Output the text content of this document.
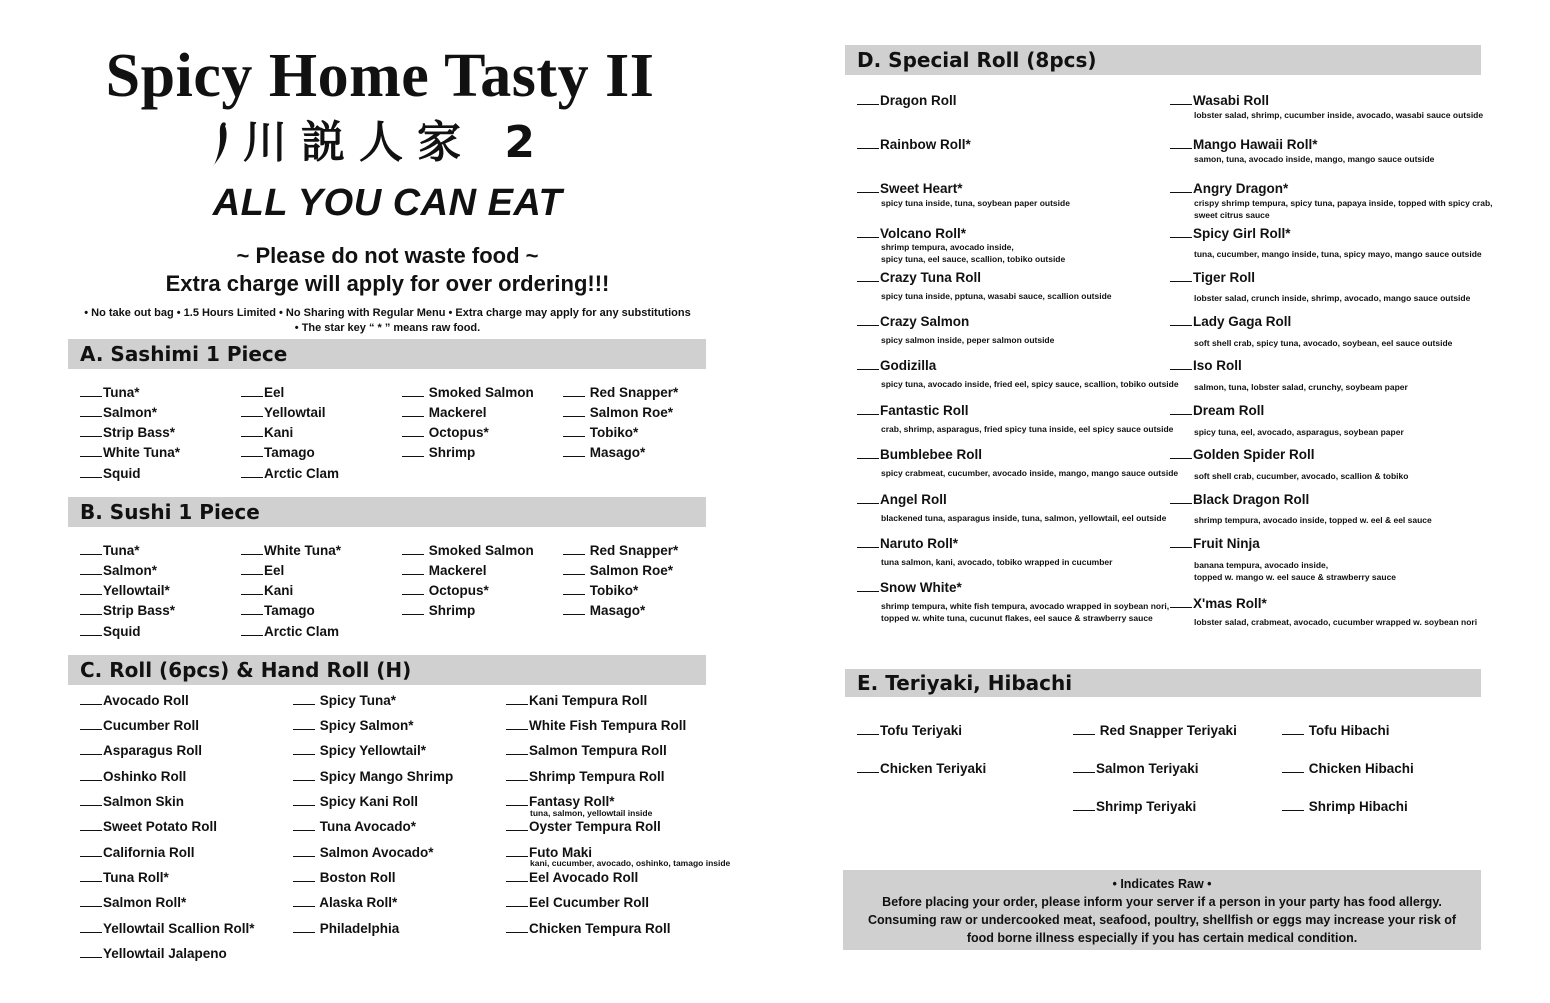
Spicy Home Tasty II
川説人家 2
ALL YOU CAN EAT
~ Please do not waste food ~
Extra charge will apply for over ordering!!!
• No take out bag • 1.5 Hours Limited • No Sharing with Regular Menu • Extra charge may apply for any substitutions
• The star key “ * ” means raw food.
A. Sashimi 1 Piece
B. Sushi 1 Piece
C. Roll (6pcs) & Hand Roll (H)
D. Special Roll (8pcs)
E. Teriyaki, Hibachi
Tuna*
Salmon*
Strip Bass*
White Tuna*
Squid
Eel
Yellowtail
Kani
Tamago
Arctic Clam
Smoked Salmon
Mackerel
Octopus*
Shrimp
Red Snapper*
Salmon Roe*
Tobiko*
Masago*
Tuna*
Salmon*
Yellowtail*
Strip Bass*
Squid
White Tuna*
Eel
Kani
Tamago
Arctic Clam
Smoked Salmon
Mackerel
Octopus*
Shrimp
Red Snapper*
Salmon Roe*
Tobiko*
Masago*
Avocado Roll
Cucumber Roll
Asparagus Roll
Oshinko Roll
Salmon Skin
Sweet Potato Roll
California Roll
Tuna Roll*
Salmon Roll*
Yellowtail Scallion Roll*
Yellowtail Jalapeno
Spicy Tuna*
Spicy Salmon*
Spicy Yellowtail*
Spicy Mango Shrimp
Spicy Kani Roll
Tuna Avocado*
Salmon Avocado*
Boston Roll
Alaska Roll*
Philadelphia
Kani Tempura Roll
White Fish Tempura Roll
Salmon Tempura Roll
Shrimp Tempura Roll
Fantasy Roll*
tuna, salmon, yellowtail inside
Oyster Tempura Roll
Futo Maki
kani, cucumber, avocado, oshinko, tamago inside
Eel Avocado Roll
Eel Cucumber Roll
Chicken Tempura Roll
Dragon Roll
Rainbow Roll*
Sweet Heart*
spicy tuna inside, tuna, soybean paper outside
Volcano Roll*
shrimp tempura, avocado inside,
spicy tuna, eel sauce, scallion, tobiko outside
Crazy Tuna Roll
spicy tuna inside, pptuna, wasabi sauce, scallion outside
Crazy Salmon
spicy salmon inside, peper salmon outside
Godizilla
spicy tuna, avocado inside, fried eel, spicy sauce, scallion, tobiko outside
Fantastic Roll
crab, shrimp, asparagus, fried spicy tuna inside, eel spicy sauce outside
Bumblebee Roll
spicy crabmeat, cucumber, avocado inside, mango, mango sauce outside
Angel Roll
blackened tuna, asparagus inside, tuna, salmon, yellowtail, eel outside
Naruto Roll*
tuna salmon, kani, avocado, tobiko wrapped in cucumber
Snow White*
shrimp tempura, white fish tempura, avocado wrapped in soybean nori,
topped w. white tuna, cucunut flakes, eel sauce & strawberry sauce
Wasabi Roll
lobster salad, shrimp, cucumber inside, avocado, wasabi sauce outside
Mango Hawaii Roll*
samon, tuna, avocado inside, mango, mango sauce outside
Angry Dragon*
crispy shrimp tempura, spicy tuna, papaya inside, topped with spicy crab,
sweet citrus sauce
Spicy Girl Roll*
tuna, cucumber, mango inside, tuna, spicy mayo, mango sauce outside
Tiger Roll
lobster salad, crunch inside, shrimp, avocado, mango sauce outside
Lady Gaga Roll
soft shell crab, spicy tuna, avocado, soybean, eel sauce outside
Iso Roll
salmon, tuna, lobster salad, crunchy, soybeam paper
Dream Roll
spicy tuna, eel, avocado, asparagus, soybean paper
Golden Spider Roll
soft shell crab, cucumber, avocado, scallion & tobiko
Black Dragon Roll
shrimp tempura, avocado inside, topped w. eel & eel sauce
Fruit Ninja
banana tempura, avocado inside,
topped w. mango w. eel sauce & strawberry sauce
X'mas Roll*
lobster salad, crabmeat, avocado, cucumber wrapped w. soybean nori
Tofu Teriyaki
Chicken Teriyaki
Red Snapper Teriyaki
Salmon Teriyaki
Shrimp Teriyaki
Tofu Hibachi
Chicken Hibachi
Shrimp Hibachi
• Indicates Raw •
Before placing your order, please inform your server if a person in your party has food allergy.
Consuming raw or undercooked meat, seafood, poultry, shellfish or eggs may increase your risk of
food borne illness especially if you has certain medical condition.
